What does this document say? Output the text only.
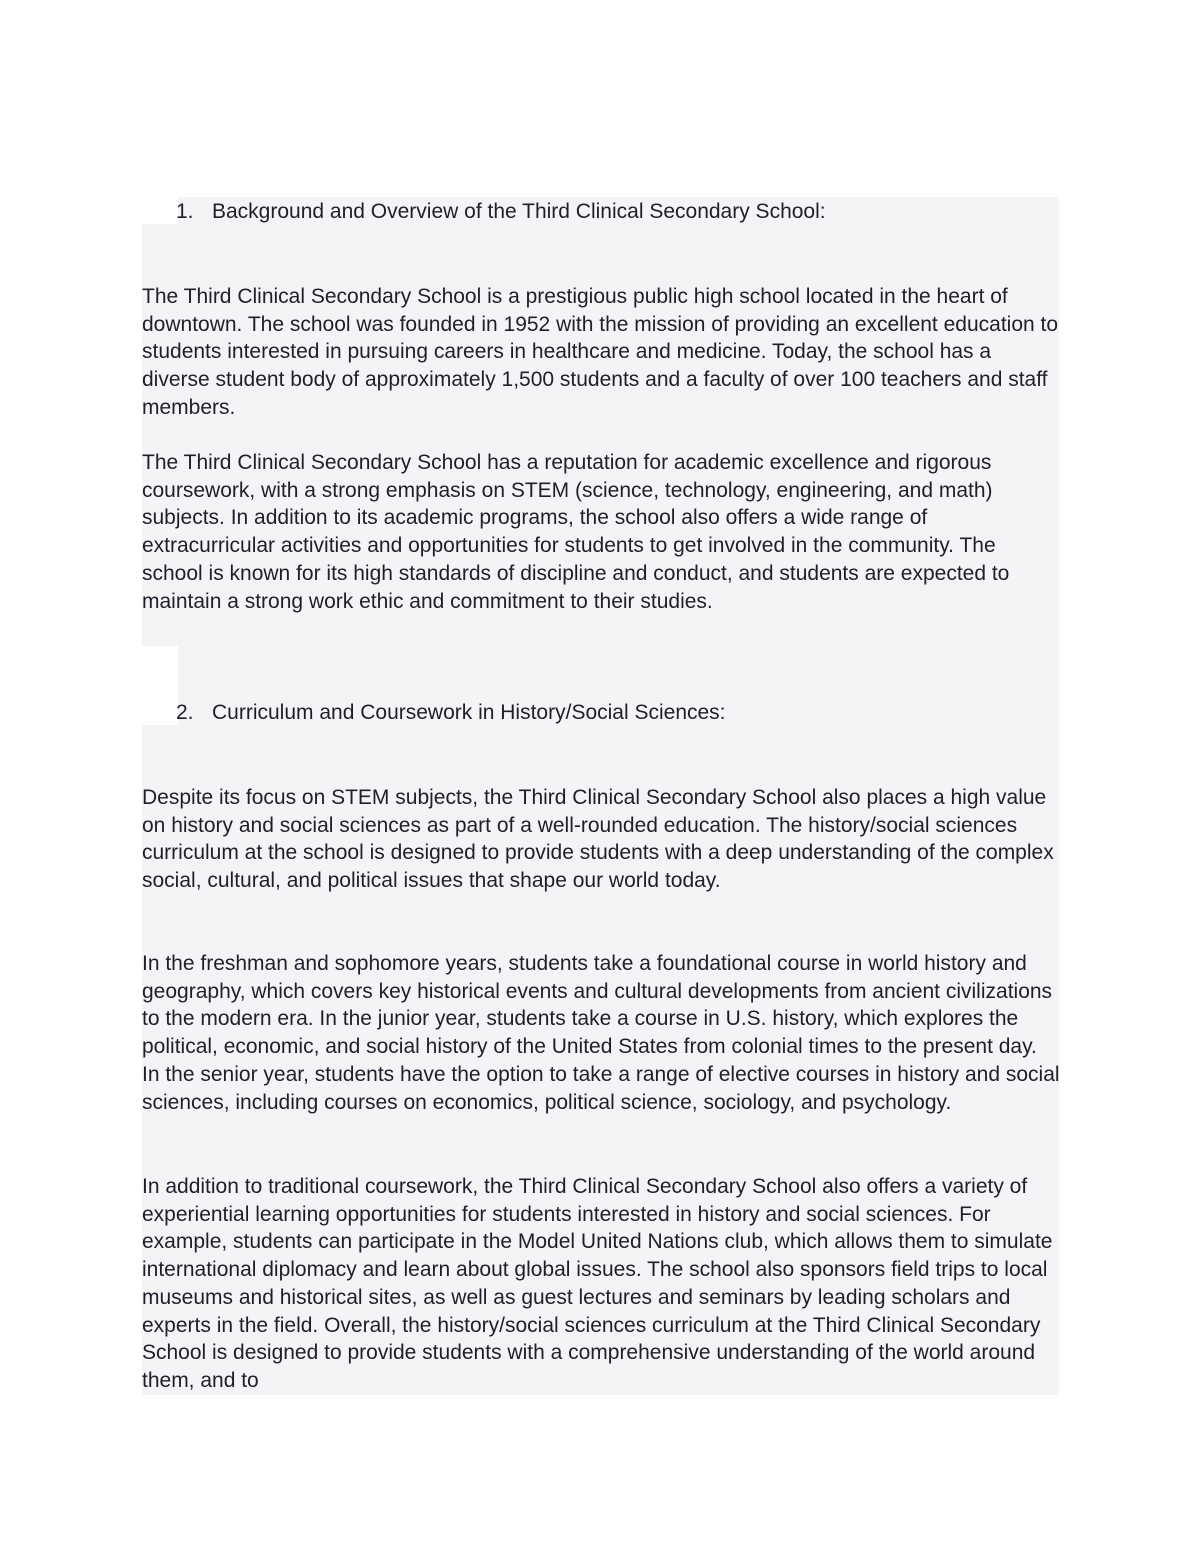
1. Background and Overview of the Third Clinical Secondary School:

The Third Clinical Secondary School is a prestigious public high school located in the heart of downtown. The school was founded in 1952 with the mission of providing an excellent education to students interested in pursuing careers in healthcare and medicine. Today, the school has a diverse student body of approximately 1,500 students and a faculty of over 100 teachers and staff members.

The Third Clinical Secondary School has a reputation for academic excellence and rigorous coursework, with a strong emphasis on STEM (science, technology, engineering, and math) subjects. In addition to its academic programs, the school also offers a wide range of extracurricular activities and opportunities for students to get involved in the community. The school is known for its high standards of discipline and conduct, and students are expected to maintain a strong work ethic and commitment to their studies.

2. Curriculum and Coursework in History/Social Sciences:

Despite its focus on STEM subjects, the Third Clinical Secondary School also places a high value on history and social sciences as part of a well-rounded education. The history/social sciences curriculum at the school is designed to provide students with a deep understanding of the complex social, cultural, and political issues that shape our world today.

In the freshman and sophomore years, students take a foundational course in world history and geography, which covers key historical events and cultural developments from ancient civilizations to the modern era. In the junior year, students take a course in U.S. history, which explores the political, economic, and social history of the United States from colonial times to the present day. In the senior year, students have the option to take a range of elective courses in history and social sciences, including courses on economics, political science, sociology, and psychology.

In addition to traditional coursework, the Third Clinical Secondary School also offers a variety of experiential learning opportunities for students interested in history and social sciences. For example, students can participate in the Model United Nations club, which allows them to simulate international diplomacy and learn about global issues. The school also sponsors field trips to local museums and historical sites, as well as guest lectures and seminars by leading scholars and experts in the field. Overall, the history/social sciences curriculum at the Third Clinical Secondary School is designed to provide students with a comprehensive understanding of the world around them, and to
